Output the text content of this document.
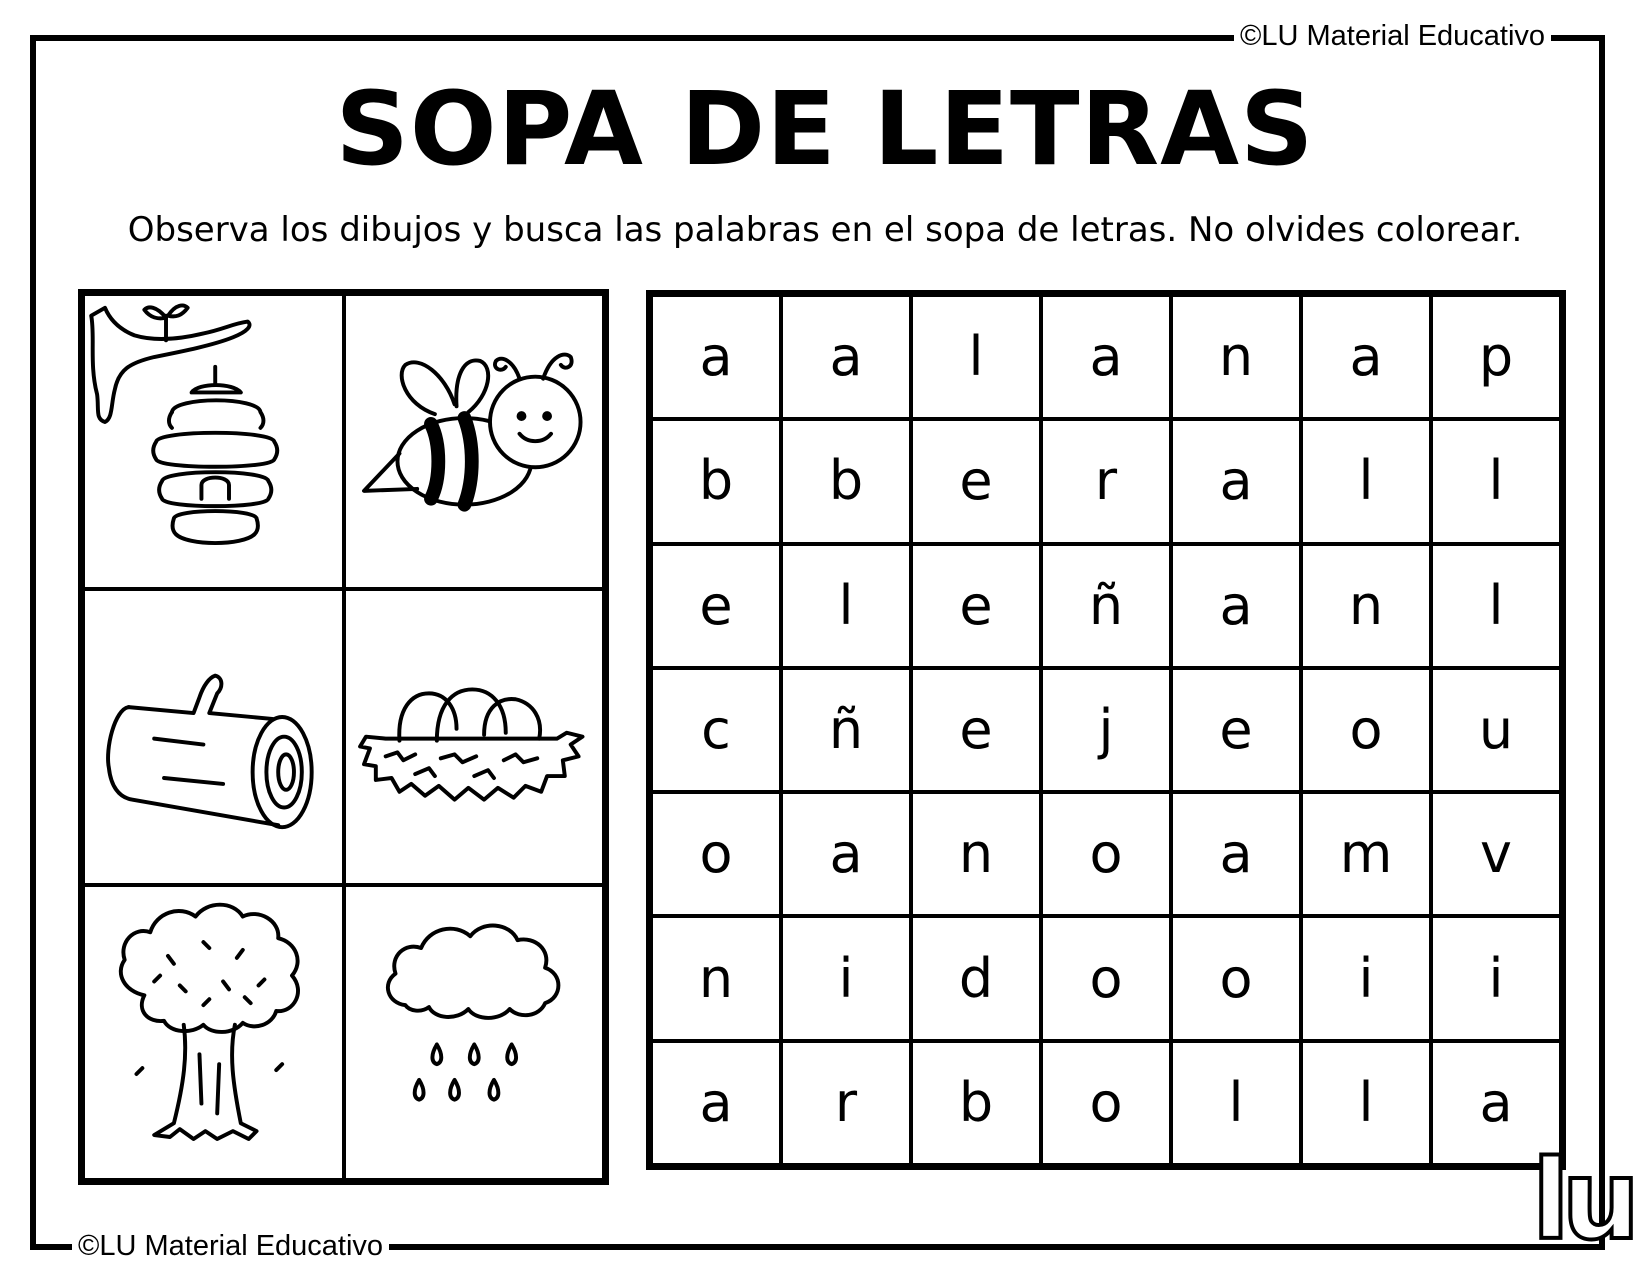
©LU Material Educativo
SOPA DE LETRAS
Observa los dibujos y busca las palabras en el sopa de letras. No olvides colorear.
a	a	l	a	n	a	p
b	b	e	r	a	l	l
e	l	e	ñ	a	n	l
c	ñ	e	j	e	o	u
o	a	n	o	a	m	v
n	i	d	o	o	i	i
a	r	b	o	l	l	a
©LU Material Educativo	lu
